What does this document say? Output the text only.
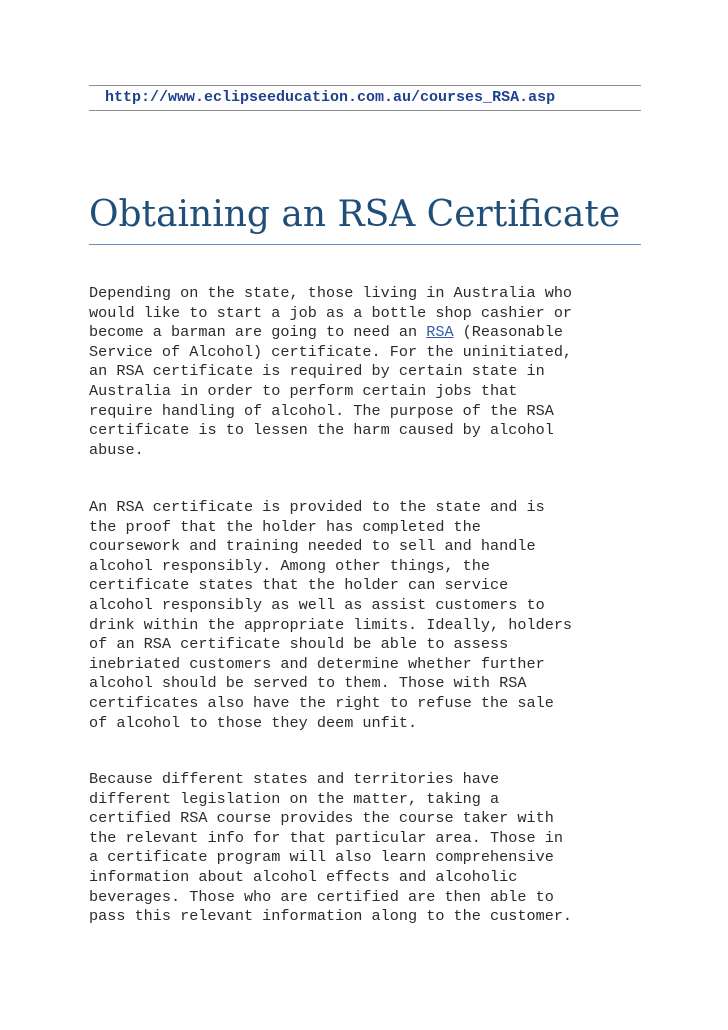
http://www.eclipseeducation.com.au/courses_RSA.asp
Obtaining an RSA Certificate
Depending on the state, those living in Australia who
would like to start a job as a bottle shop cashier or
become a barman are going to need an RSA (Reasonable
Service of Alcohol) certificate. For the uninitiated,
an RSA certificate is required by certain state in
Australia in order to perform certain jobs that
require handling of alcohol. The purpose of the RSA
certificate is to lessen the harm caused by alcohol
abuse.
An RSA certificate is provided to the state and is
the proof that the holder has completed the
coursework and training needed to sell and handle
alcohol responsibly. Among other things, the
certificate states that the holder can service
alcohol responsibly as well as assist customers to
drink within the appropriate limits. Ideally, holders
of an RSA certificate should be able to assess
inebriated customers and determine whether further
alcohol should be served to them. Those with RSA
certificates also have the right to refuse the sale
of alcohol to those they deem unfit.
Because different states and territories have
different legislation on the matter, taking a
certified RSA course provides the course taker with
the relevant info for that particular area. Those in
a certificate program will also learn comprehensive
information about alcohol effects and alcoholic
beverages. Those who are certified are then able to
pass this relevant information along to the customer.
